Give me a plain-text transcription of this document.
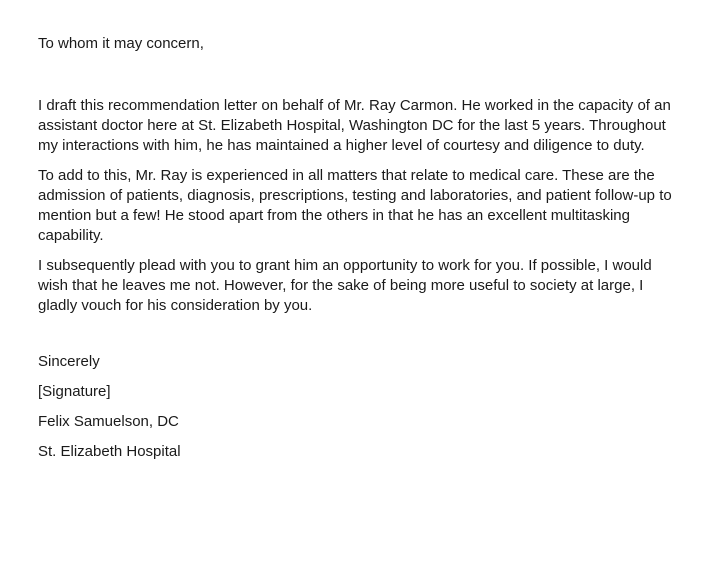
To whom it may concern,

I draft this recommendation letter on behalf of Mr. Ray Carmon. He worked in the capacity of an assistant doctor here at St. Elizabeth Hospital, Washington DC for the last 5 years. Throughout my interactions with him, he has maintained a higher level of courtesy and diligence to duty.

To add to this, Mr. Ray is experienced in all matters that relate to medical care. These are the admission of patients, diagnosis, prescriptions, testing and laboratories, and patient follow-up to mention but a few! He stood apart from the others in that he has an excellent multitasking capability.

I subsequently plead with you to grant him an opportunity to work for you. If possible, I would wish that he leaves me not. However, for the sake of being more useful to society at large, I gladly vouch for his consideration by you.

Sincerely

[Signature]

Felix Samuelson, DC

St. Elizabeth Hospital
